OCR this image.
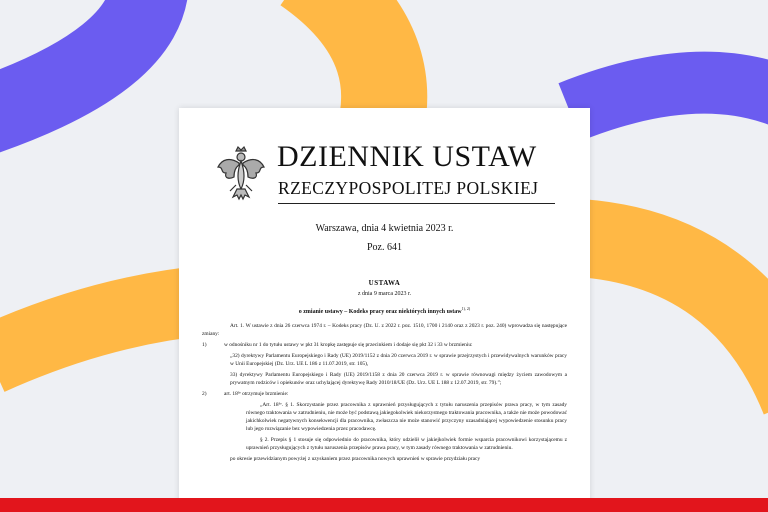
DZIENNIK USTAW
RZECZYPOSPOLITEJ POLSKIEJ
Warszawa, dnia 4 kwietnia 2023 r.
Poz. 641
USTAWA
z dnia 9 marca 2023 r.
o zmianie ustawy – Kodeks pracy oraz niektórych innych ustaw$^{1), 2)}$

Art. 1. W ustawie z dnia 26 czerwca 1974 r. – Kodeks pracy (Dz. U. z 2022 r. poz. 1510, 1700 i 2140 oraz z 2023 r. poz. 240) wprowadza się następujące zmiany:

1)	w odnośniku nr 1 do tytułu ustawy w pkt 31 kropkę zastępuje się przecinkiem i dodaje się pkt 32 i 33 w brzmieniu:

„32) dyrektywy Parlamentu Europejskiego i Rady (UE) 2019/1152 z dnia 20 czerwca 2019 r. w sprawie przejrzystych i przewidywalnych warunków pracy w Unii Europejskiej (Dz. Urz. UE L 186 z 11.07.2019, str. 105),

33) dyrektywy Parlamentu Europejskiego i Rady (UE) 2019/1158 z dnia 20 czerwca 2019 r. w sprawie równowagi między życiem zawodowym a prywatnym rodziców i opiekunów oraz uchylającej dyrektywę Rady 2010/18/UE (Dz. Urz. UE L 188 z 12.07.2019, str. 79).”;

2)	art. 18³ᵉ otrzymuje brzmienie:

„Art. 18³ᵉ. § 1. Skorzystanie przez pracownika z uprawnień przysługujących z tytułu naruszenia przepisów prawa pracy, w tym zasady równego traktowania w zatrudnieniu, nie może być podstawą jakiegokolwiek niekorzystnego traktowania pracownika, a także nie może powodować jakichkolwiek negatywnych konsekwencji dla pracownika, zwłaszcza nie może stanowić przyczyny uzasadniającej wypowiedzenie stosunku pracy lub jego rozwiązanie bez wypowiedzenia przez pracodawcę.

§ 2. Przepis § 1 stosuje się odpowiednio do pracownika, który udzielił w jakiejkolwiek formie wsparcia pracownikowi korzystającemu z uprawnień przysługujących z tytułu naruszenia przepisów prawa pracy, w tym zasady równego traktowania w zatrudnieniu.

po okresie przewidzianym powyżej z uzyskaniem przez pracownika nowych uprawnień w sprawie przydziału pracy
